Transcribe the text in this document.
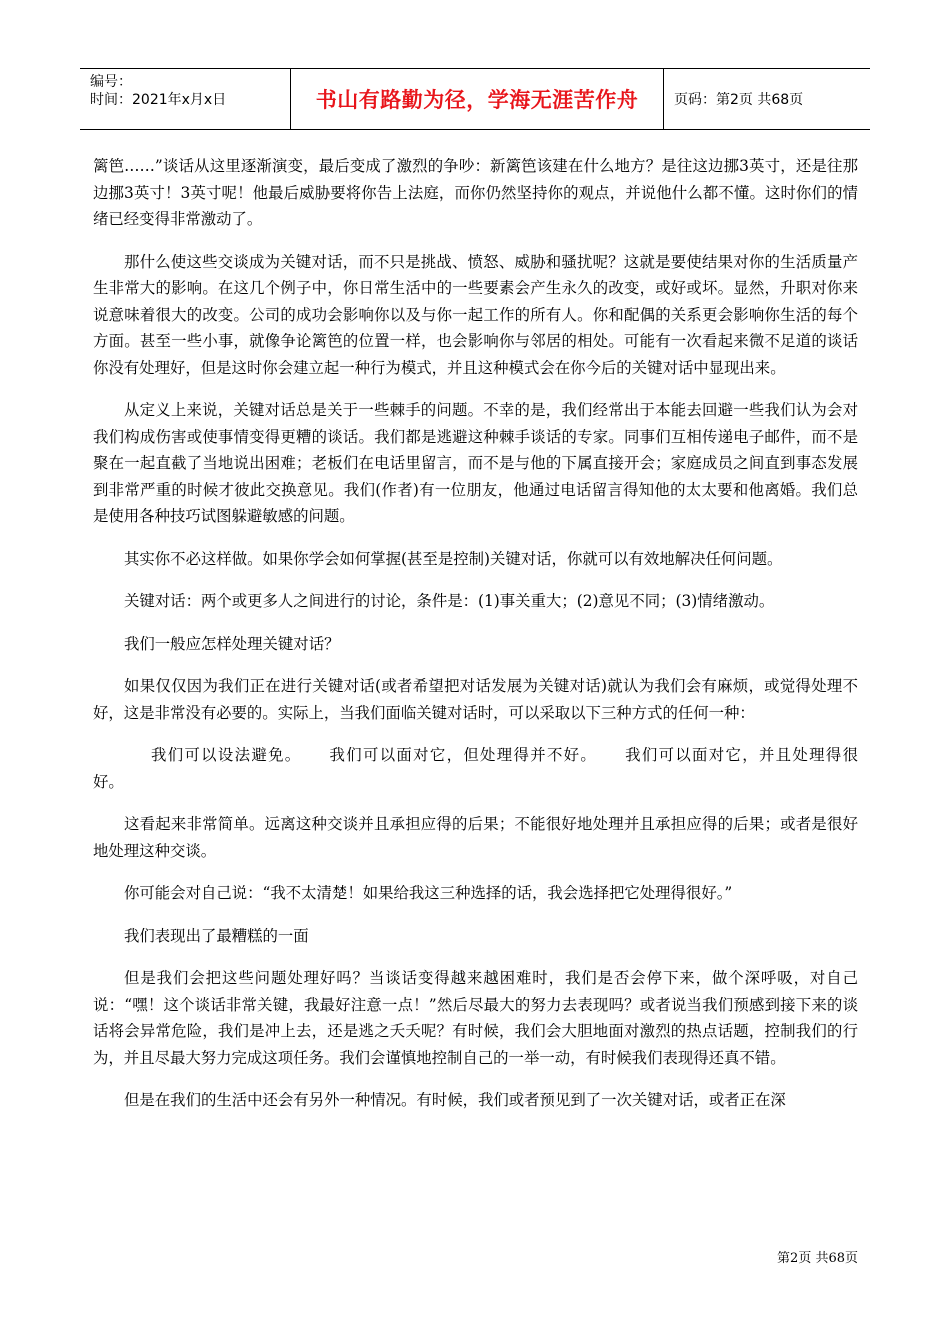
编号：
时间：2021年x月x日	书山有路勤为径，学海无涯苦作舟	页码：第2页 共68页

篱笆……”谈话从这里逐渐演变，最后变成了激烈的争吵：新篱笆该建在什么地方？是往这边挪3英寸，还是往那边挪3英寸！3英寸呢！他最后威胁要将你告上法庭，而你仍然坚持你的观点，并说他什么都不懂。这时你们的情绪已经变得非常激动了。

那什么使这些交谈成为关键对话，而不只是挑战、愤怒、威胁和骚扰呢？这就是要使结果对你的生活质量产生非常大的影响。在这几个例子中，你日常生活中的一些要素会产生永久的改变，或好或坏。显然，升职对你来说意味着很大的改变。公司的成功会影响你以及与你一起工作的所有人。你和配偶的关系更会影响你生活的每个方面。甚至一些小事，就像争论篱笆的位置一样，也会影响你与邻居的相处。可能有一次看起来微不足道的谈话你没有处理好，但是这时你会建立起一种行为模式，并且这种模式会在你今后的关键对话中显现出来。

从定义上来说，关键对话总是关于一些棘手的问题。不幸的是，我们经常出于本能去回避一些我们认为会对我们构成伤害或使事情变得更糟的谈话。我们都是逃避这种棘手谈话的专家。同事们互相传递电子邮件，而不是聚在一起直截了当地说出困难；老板们在电话里留言，而不是与他的下属直接开会；家庭成员之间直到事态发展到非常严重的时候才彼此交换意见。我们(作者)有一位朋友，他通过电话留言得知他的太太要和他离婚。我们总是使用各种技巧试图躲避敏感的问题。

其实你不必这样做。如果你学会如何掌握(甚至是控制)关键对话，你就可以有效地解决任何问题。

关键对话：两个或更多人之间进行的讨论，条件是：(1)事关重大；(2)意见不同；(3)情绪激动。

我们一般应怎样处理关键对话？

如果仅仅因为我们正在进行关键对话(或者希望把对话发展为关键对话)就认为我们会有麻烦，或觉得处理不好，这是非常没有必要的。实际上，当我们面临关键对话时，可以采取以下三种方式的任何一种：

我们可以设法避免。 我们可以面对它，但处理得并不好。 我们可以面对它，并且处理得很好。

这看起来非常简单。远离这种交谈并且承担应得的后果；不能很好地处理并且承担应得的后果；或者是很好地处理这种交谈。

你可能会对自己说：“我不太清楚！如果给我这三种选择的话，我会选择把它处理得很好。”

我们表现出了最糟糕的一面

但是我们会把这些问题处理好吗？当谈话变得越来越困难时，我们是否会停下来，做个深呼吸，对自己说：“嘿！这个谈话非常关键，我最好注意一点！”然后尽最大的努力去表现吗？或者说当我们预感到接下来的谈话将会异常危险，我们是冲上去，还是逃之夭夭呢？有时候，我们会大胆地面对激烈的热点话题，控制我们的行为，并且尽最大努力完成这项任务。我们会谨慎地控制自己的一举一动，有时候我们表现得还真不错。

但是在我们的生活中还会有另外一种情况。有时候，我们或者预见到了一次关键对话，或者正在深

第2页 共68页
